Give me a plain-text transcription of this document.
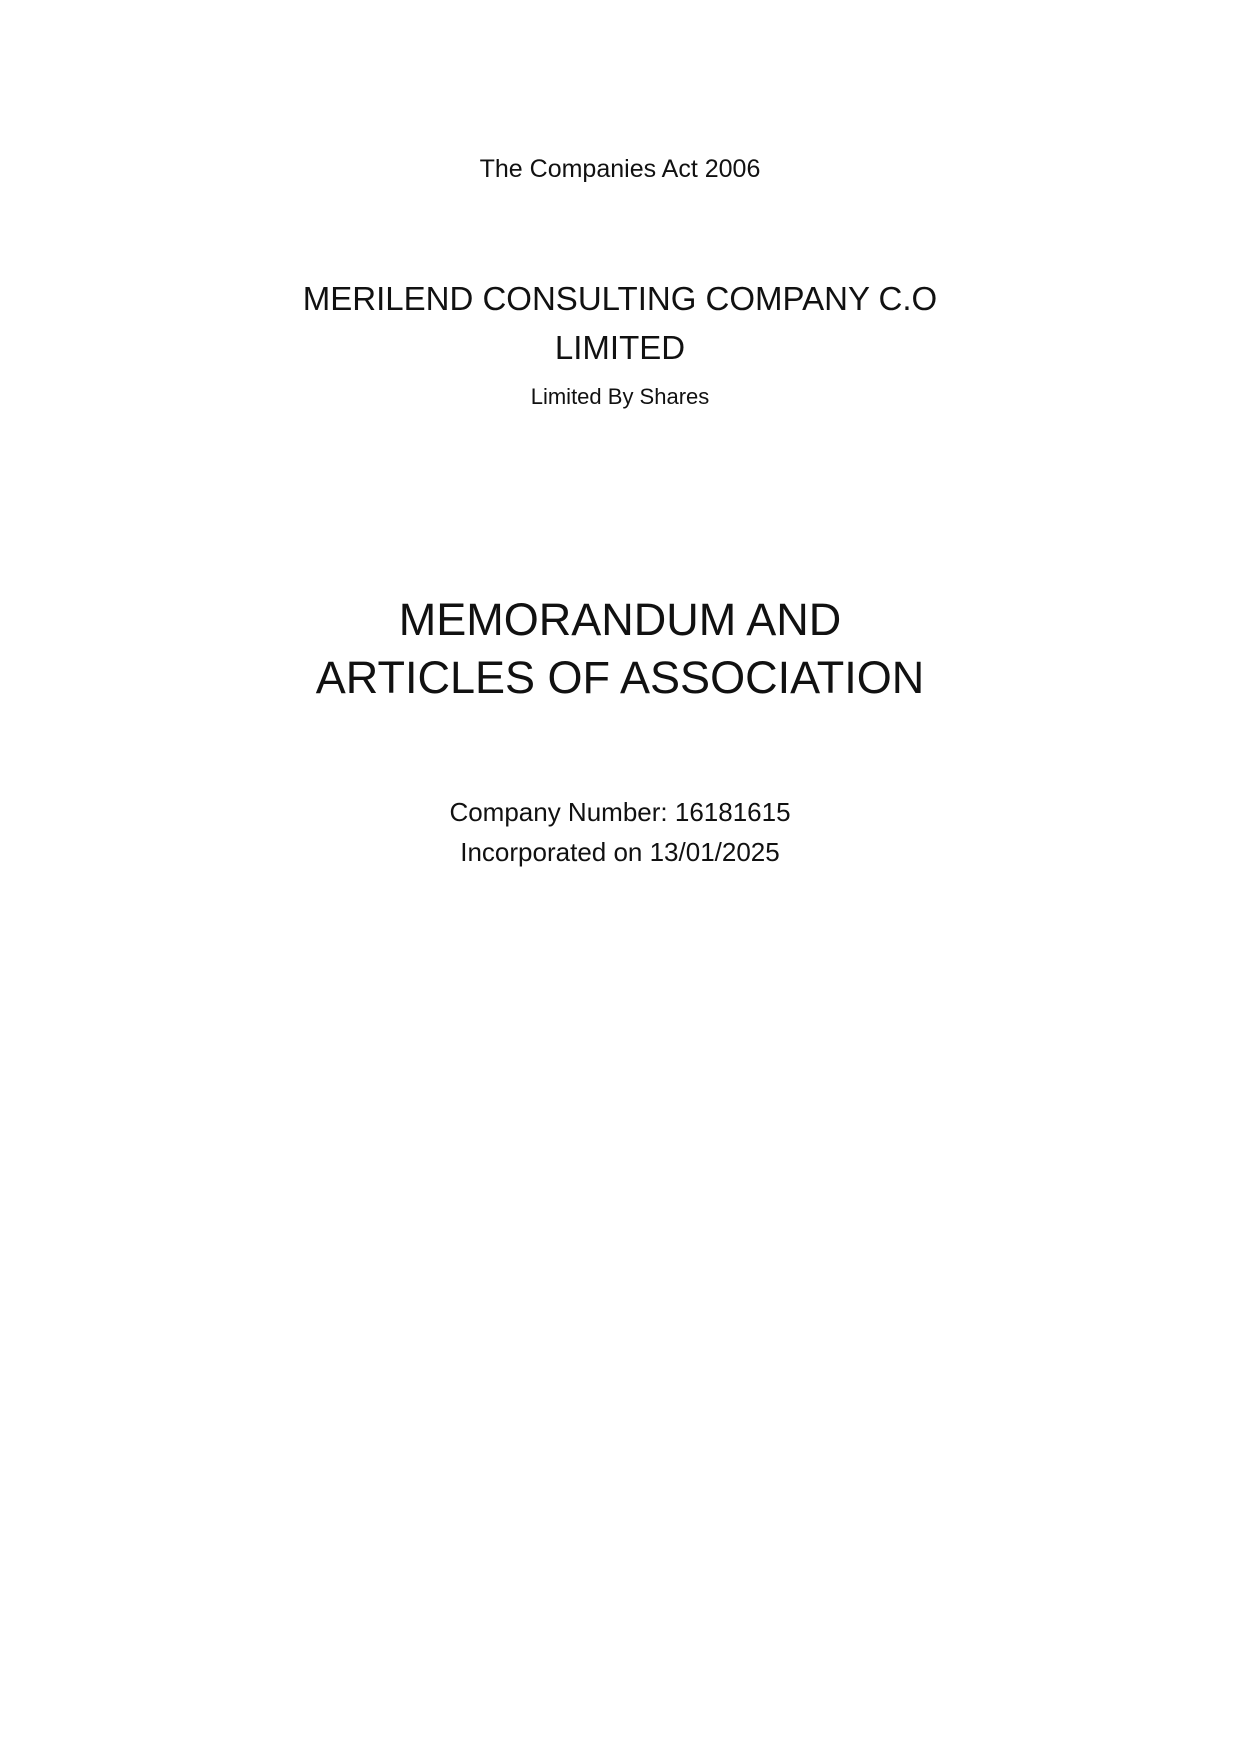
The Companies Act 2006

MERILEND CONSULTING COMPANY C.O
LIMITED

Limited By Shares

MEMORANDUM AND
ARTICLES OF ASSOCIATION
Company Number: 16181615
Incorporated on 13/01/2025
